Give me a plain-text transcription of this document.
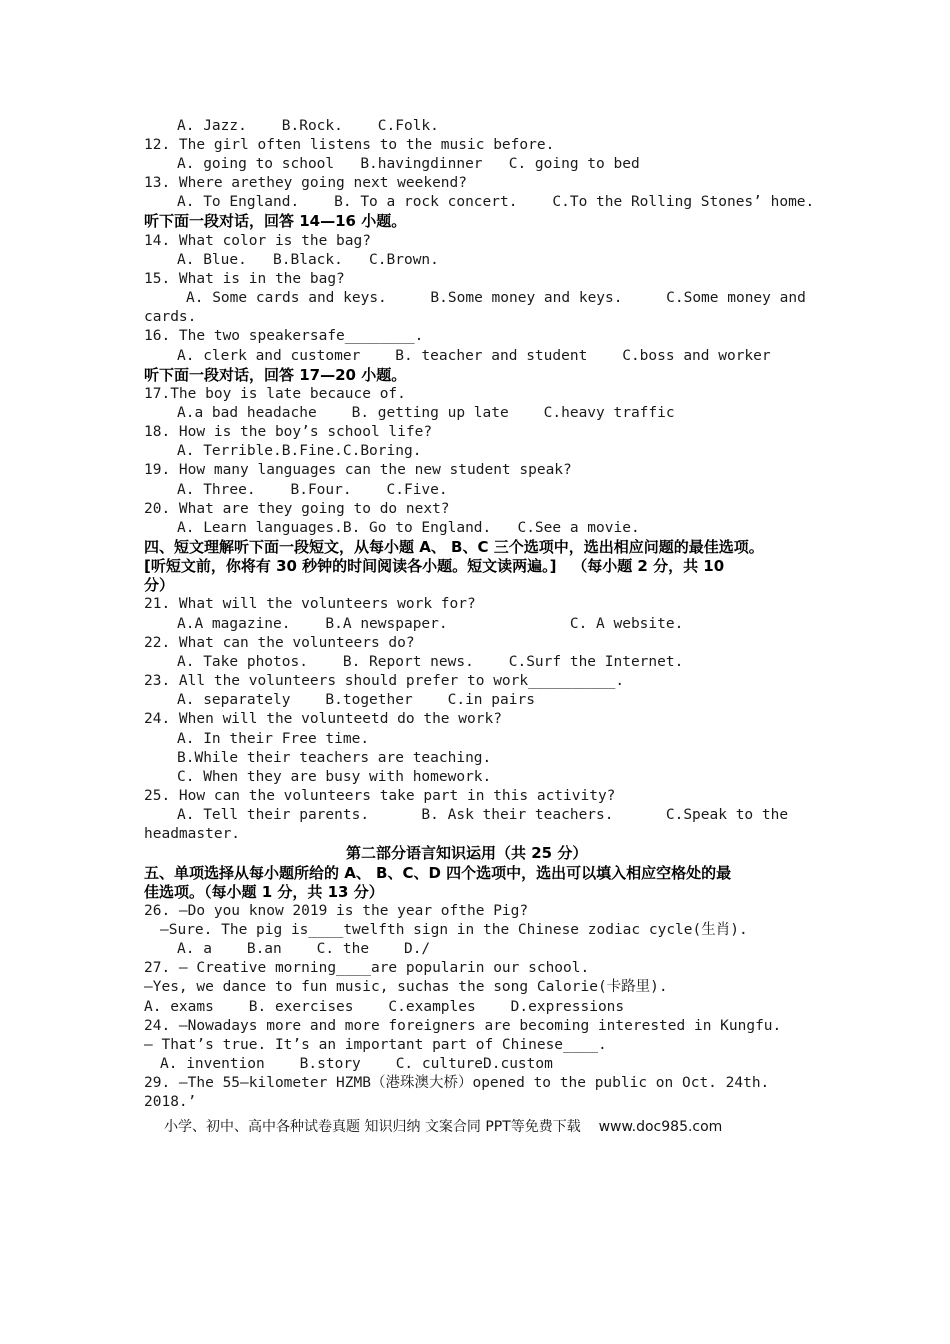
A. Jazz.    B.Rock.    C.Folk.
12. The girl often listens to the music before.
A. going to school   B.havingdinner   C. going to bed
13. Where arethey going next weekend?
A. To England.    B. To a rock concert.    C.To the Rolling Stones’ home.
听下面一段对话，回答 14—16 小题。
14. What color is the bag?
A. Blue.   B.Black.   C.Brown.
15. What is in the bag?
A. Some cards and keys.     B.Some money and keys.     C.Some money and
cards.
16. The two speakersafe________.
A. clerk and customer    B. teacher and student    C.boss and worker
听下面一段对话，回答 17—20 小题。
17.The boy is late becauce of.
A.a bad headache    B. getting up late    C.heavy traffic
18. How is the boy’s school life?
A. Terrible.B.Fine.C.Boring.
19. How many languages can the new student speak?
A. Three.    B.Four.    C.Five.
20. What are they going to do next?
A. Learn languages.B. Go to England.   C.See a movie.
四、短文理解听下面一段短文，从每小题 A、 B、C 三个选项中，选出相应问题的最佳选项。
[听短文前，你将有 30 秒钟的时间阅读各小题。短文读两遍。]   （每小题 2 分，共 10
分）
21. What will the volunteers work for?
A.A magazine.    B.A newspaper.              C. A website.
22. What can the volunteers do?
A. Take photos.    B. Report news.    C.Surf the Internet.
23. All the volunteers should prefer to work__________.
A. separately    B.together    C.in pairs
24. When will the volunteetd do the work?
A. In their Free time.
B.While their teachers are teaching.
C. When they are busy with homework.
25. How can the volunteers take part in this activity?
A. Tell their parents.      B. Ask their teachers.      C.Speak to the
headmaster.
第二部分语言知识运用（共 25 分）
五、单项选择从每小题所给的 A、 B、C、D 四个选项中，选出可以填入相应空格处的最
佳选项。（每小题 1 分，共 13 分）
26. —Do you know 2019 is the year ofthe Pig?
—Sure. The pig is____twelfth sign in the Chinese zodiac cycle(生肖).
A. a    B.an    C. the    D./
27. — Creative morning____are popularin our school.
—Yes, we dance to fun music, suchas the song Calorie(卡路里).
A. exams    B. exercises    C.examples    D.expressions
24. —Nowadays more and more foreigners are becoming interested in Kungfu.
— That’s true. It’s an important part of Chinese____.
A. invention    B.story    C. cultureD.custom
29. —The 55—kilometer HZMB（港珠澳大桥）opened to the public on Oct. 24th.
2018.’
小学、初中、高中各种试卷真题 知识归纳 文案合同 PPT等免费下载    www.doc985.com
